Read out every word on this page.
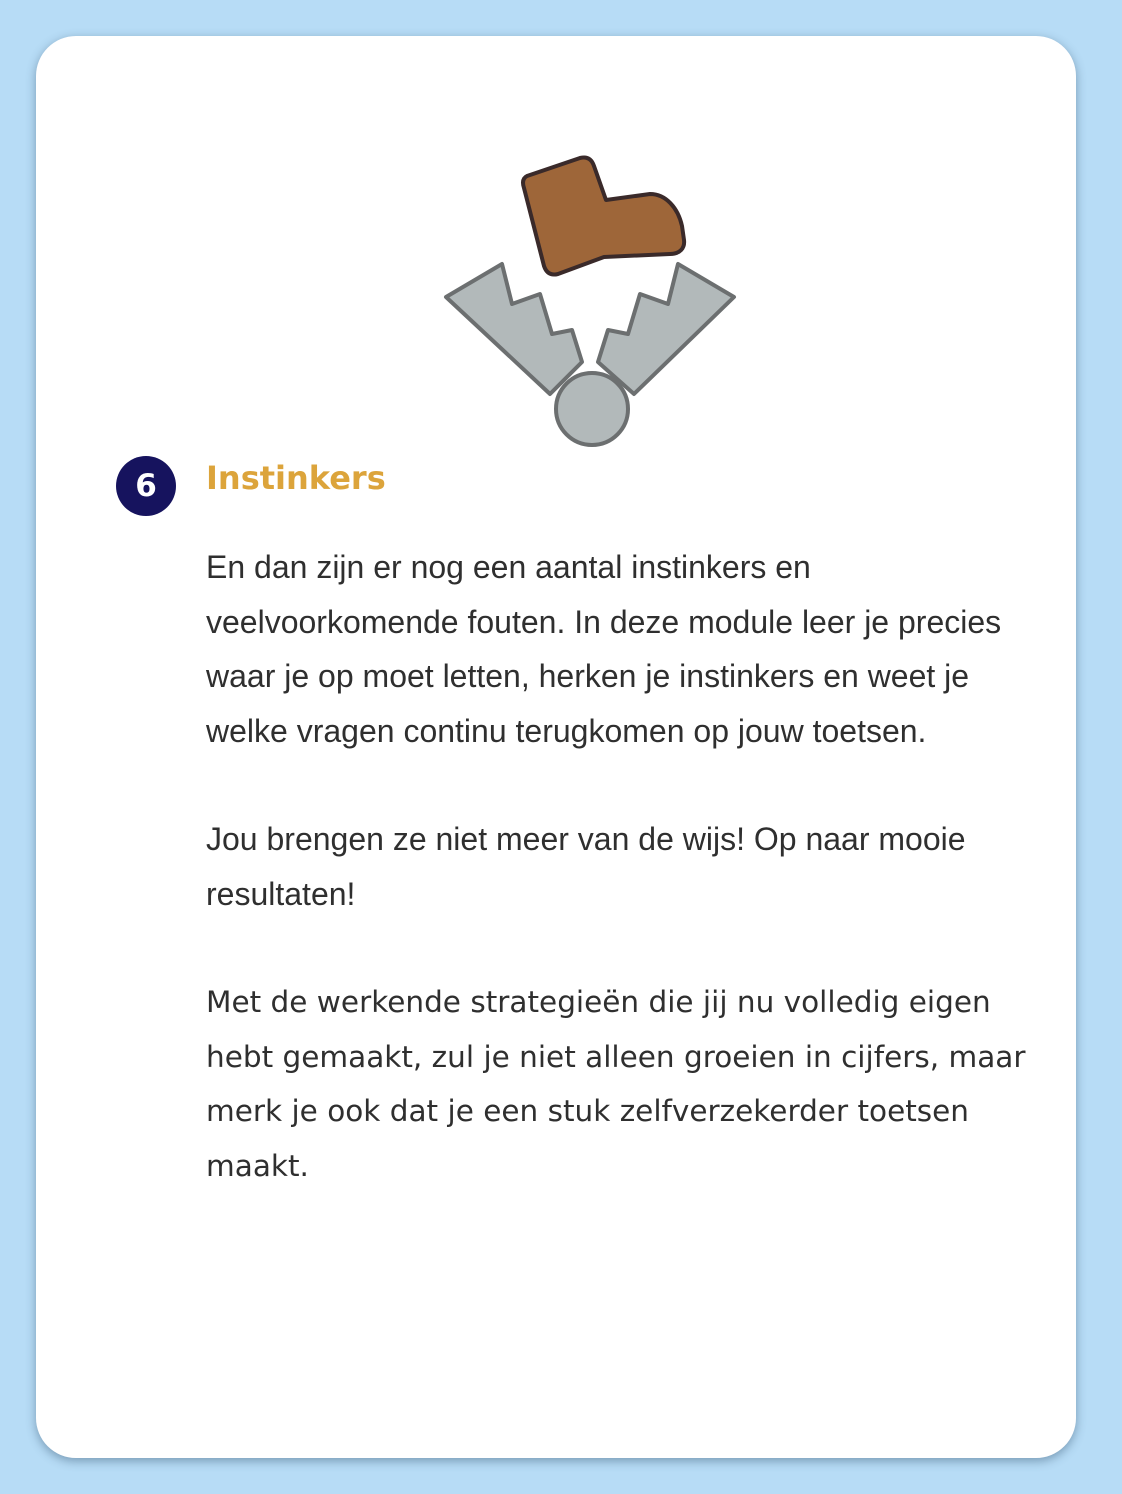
6 Instinkers

En dan zijn er nog een aantal instinkers en veelvoorkomende fouten. In deze module leer je precies waar je op moet letten, herken je instinkers en weet je welke vragen continu terugkomen op jouw toetsen.

Jou brengen ze niet meer van de wijs! Op naar mooie resultaten!

Met de werkende strategieën die jij nu volledig eigen hebt gemaakt, zul je niet alleen groeien in cijfers, maar merk je ook dat je een stuk zelfverzekerder toetsen maakt.
